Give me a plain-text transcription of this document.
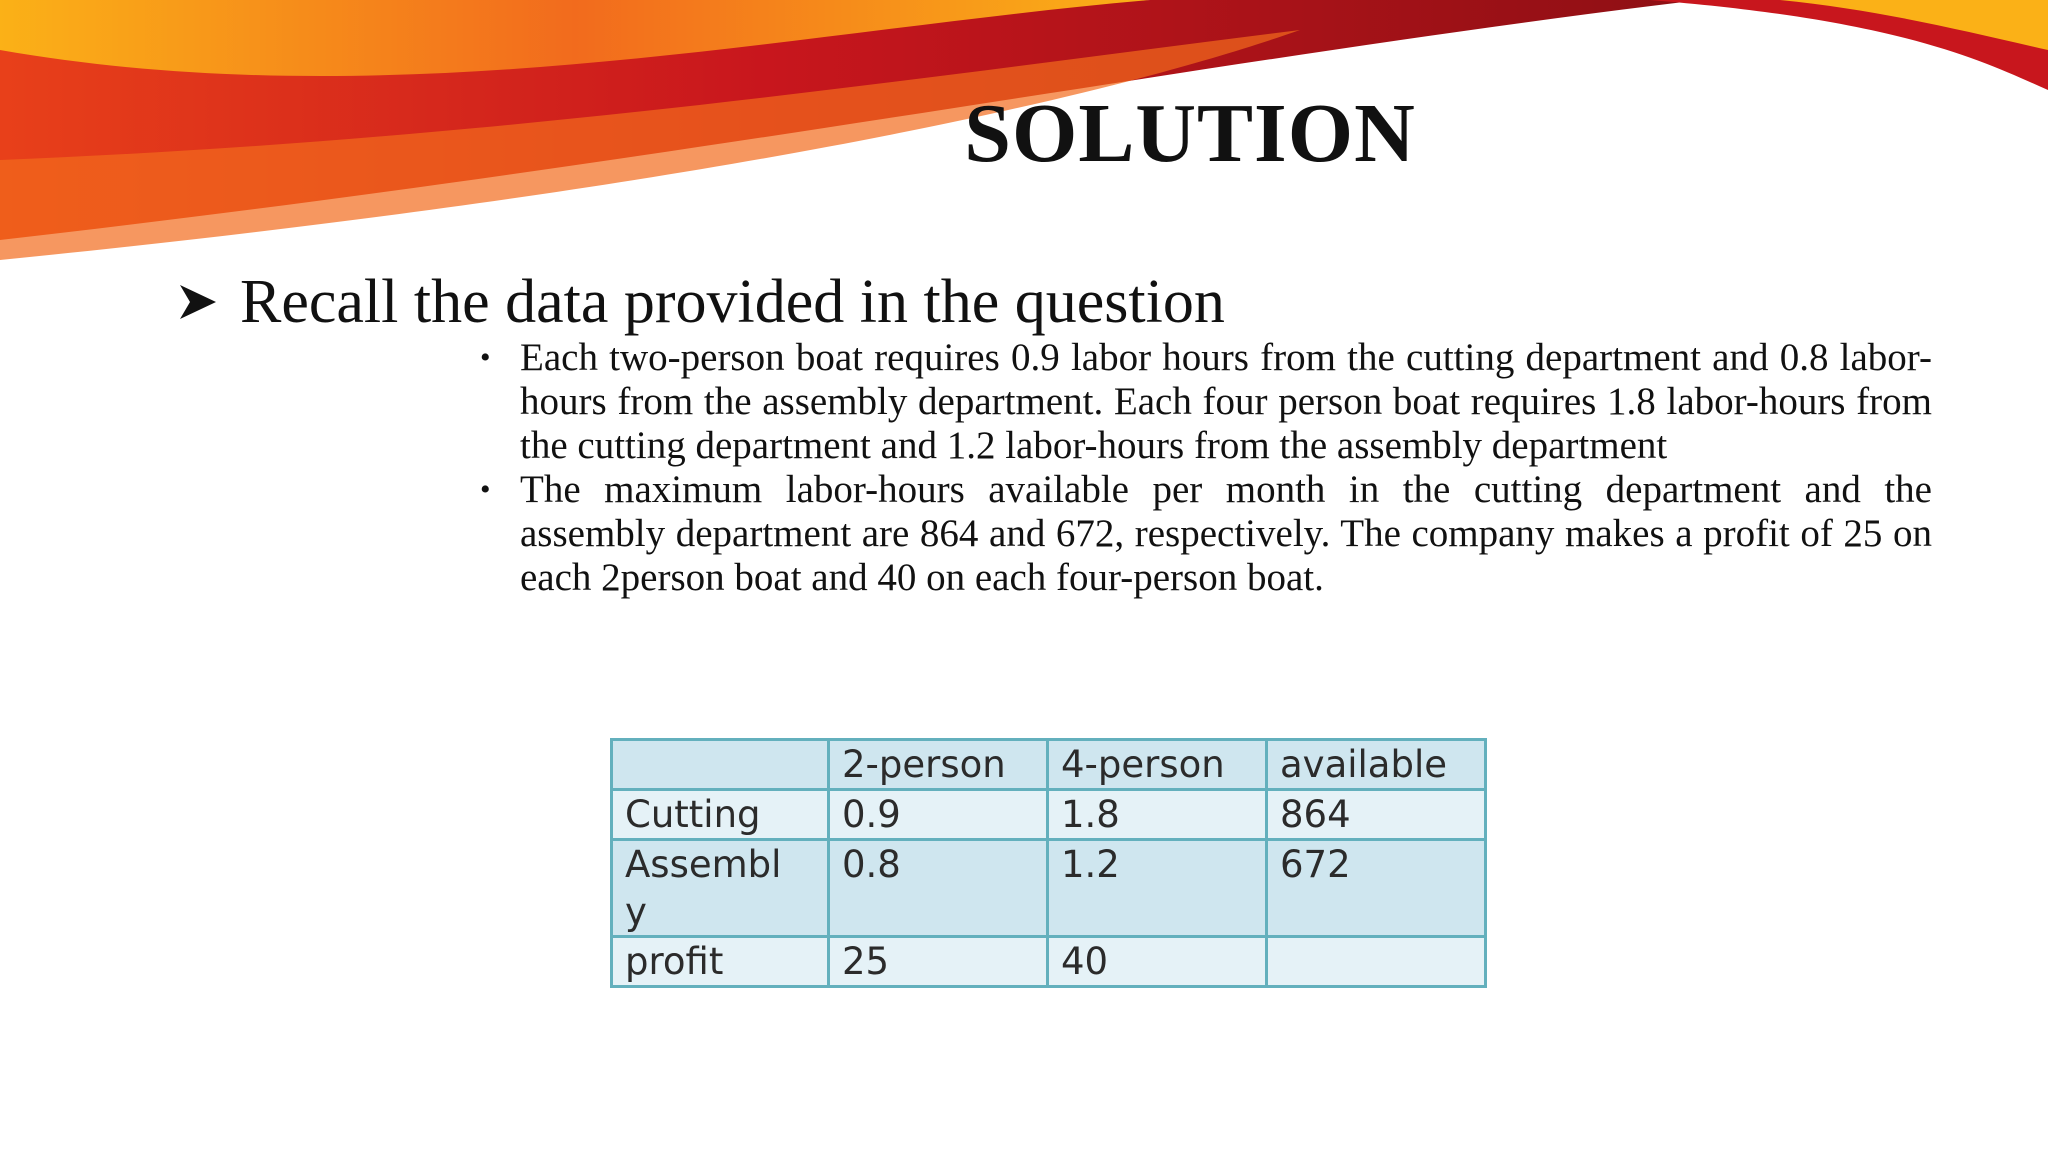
SOLUTION
Recall the data provided in the question
• Each two-person boat requires 0.9 labor hours from the cutting department and 0.8 labor-hours from the assembly department. Each four person boat requires 1.8 labor-hours from the cutting department and 1.2 labor-hours from the assembly department
• The maximum labor-hours available per month in the cutting department and the assembly department are 864 and 672, respectively. The company makes a profit of 25 on each 2person boat and 40 on each four-person boat.
	2-person	4-person	available
Cutting	0.9	1.8	864
Assembl y	0.8	1.2	672
profit	25	40	
